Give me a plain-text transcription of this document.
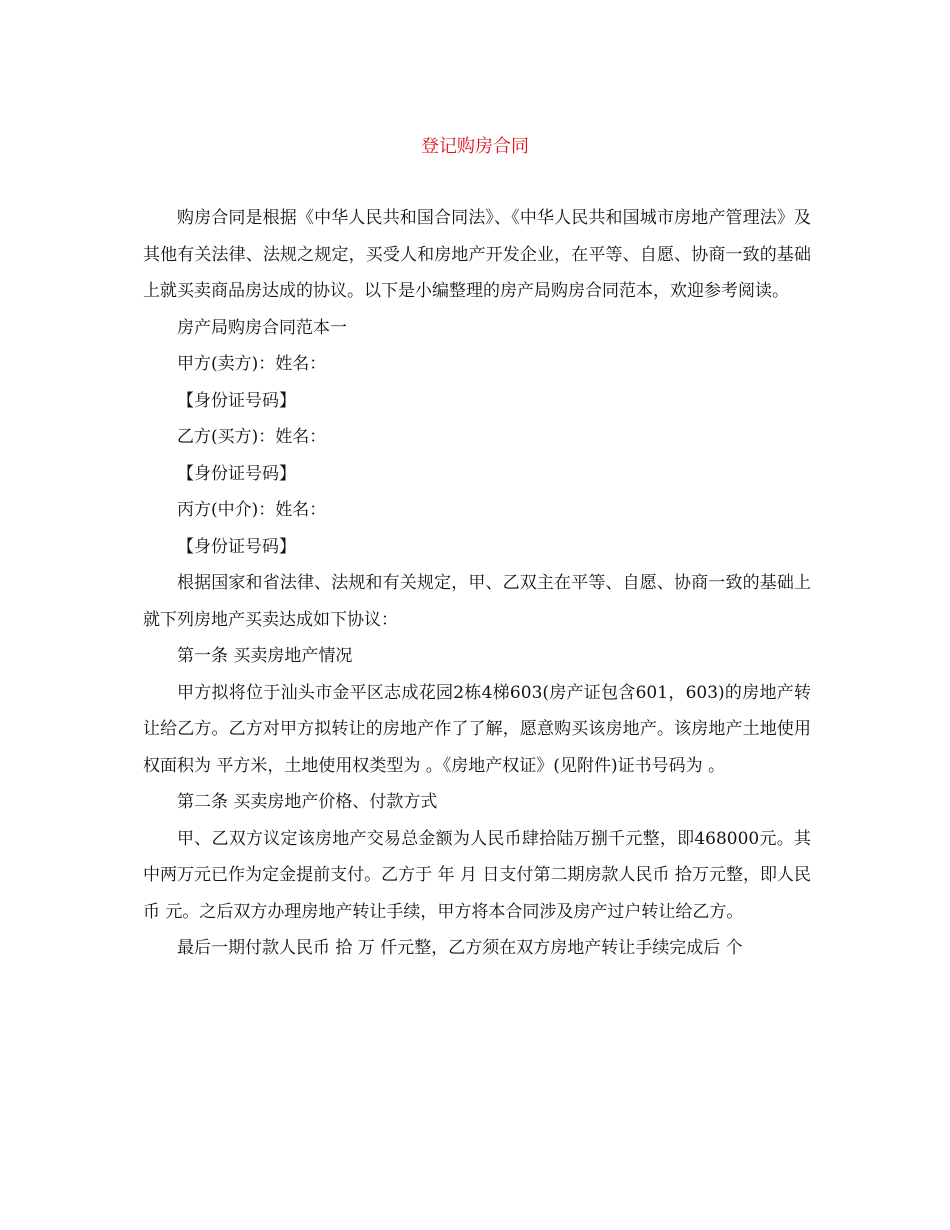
登记购房合同

购房合同是根据《中华人民共和国合同法》、《中华人民共和国城市房地产管理法》及其他有关法律、法规之规定，买受人和房地产开发企业，在平等、自愿、协商一致的基础上就买卖商品房达成的协议。以下是小编整理的房产局购房合同范本，欢迎参考阅读。

房产局购房合同范本一

甲方(卖方)：姓名：

【身份证号码】

乙方(买方)：姓名：

【身份证号码】

丙方(中介)：姓名：

【身份证号码】

根据国家和省法律、法规和有关规定，甲、乙双主在平等、自愿、协商一致的基础上就下列房地产买卖达成如下协议：

第一条 买卖房地产情况

甲方拟将位于汕头市金平区志成花园2栋4梯603(房产证包含601，603)的房地产转让给乙方。乙方对甲方拟转让的房地产作了了解，愿意购买该房地产。该房地产土地使用权面积为 平方米，土地使用权类型为 。《房地产权证》(见附件)证书号码为 。

第二条 买卖房地产价格、付款方式

甲、乙双方议定该房地产交易总金额为人民币肆拾陆万捌千元整，即468000元。其中两万元已作为定金提前支付。乙方于 年 月 日支付第二期房款人民币 拾万元整，即人民币 元。之后双方办理房地产转让手续，甲方将本合同涉及房产过户转让给乙方。

最后一期付款人民币 拾 万 仟元整，乙方须在双方房地产转让手续完成后 个
